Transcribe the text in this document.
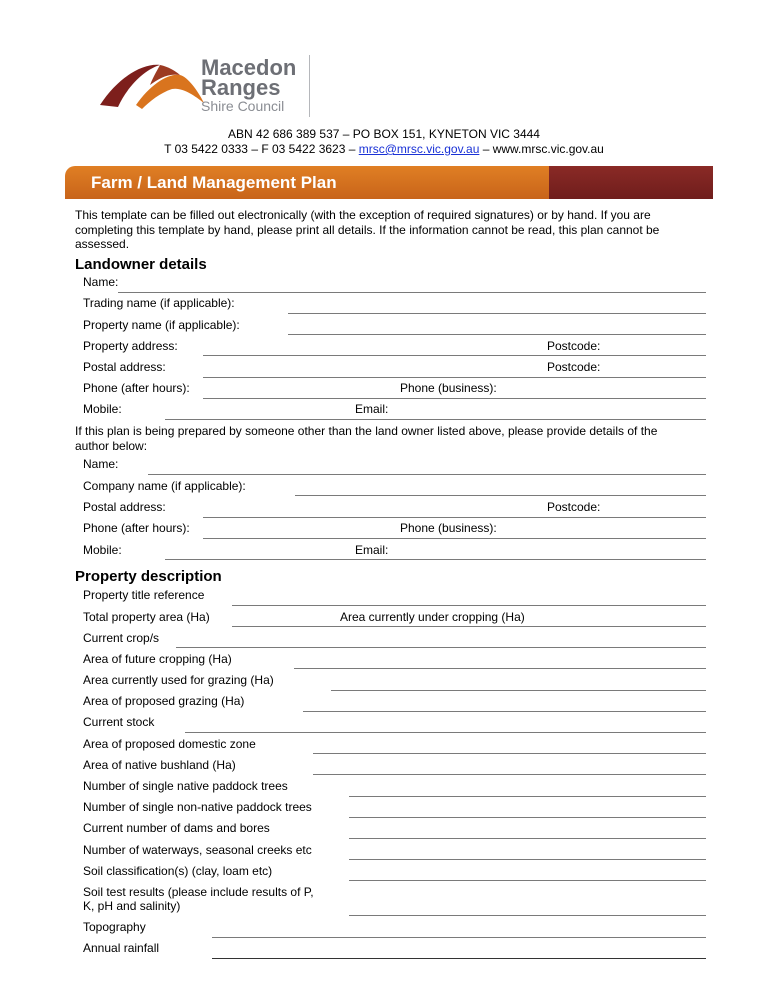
Macedon
Ranges
Shire Council
ABN 42 686 389 537 – PO BOX 151, KYNETON VIC 3444
T 03 5422 0333 – F 03 5422 3623 – mrsc@mrsc.vic.gov.au – www.mrsc.vic.gov.au
Farm / Land Management Plan
This template can be filled out electronically (with the exception of required signatures) or by hand. If you are completing this template by hand, please print all details. If the information cannot be read, this plan cannot be assessed.
Landowner details
Name:
Trading name (if applicable):
Property name (if applicable):
Property address:	Postcode:
Postal address:	Postcode:
Phone (after hours):	Phone (business):
Mobile:	Email:
If this plan is being prepared by someone other than the land owner listed above, please provide details of the author below:
Name:
Company name (if applicable):
Postal address:	Postcode:
Phone (after hours):	Phone (business):
Mobile:	Email:
Property description
Property title reference
Total property area (Ha)	Area currently under cropping (Ha)
Current crop/s
Area of future cropping (Ha)
Area currently used for grazing (Ha)
Area of proposed grazing (Ha)
Current stock
Area of proposed domestic zone
Area of native bushland (Ha)
Number of single native paddock trees
Number of single non-native paddock trees
Current number of dams and bores
Number of waterways, seasonal creeks etc
Soil classification(s) (clay, loam etc)
Soil test results (please include results of P,
K, pH and salinity)
Topography
Annual rainfall
